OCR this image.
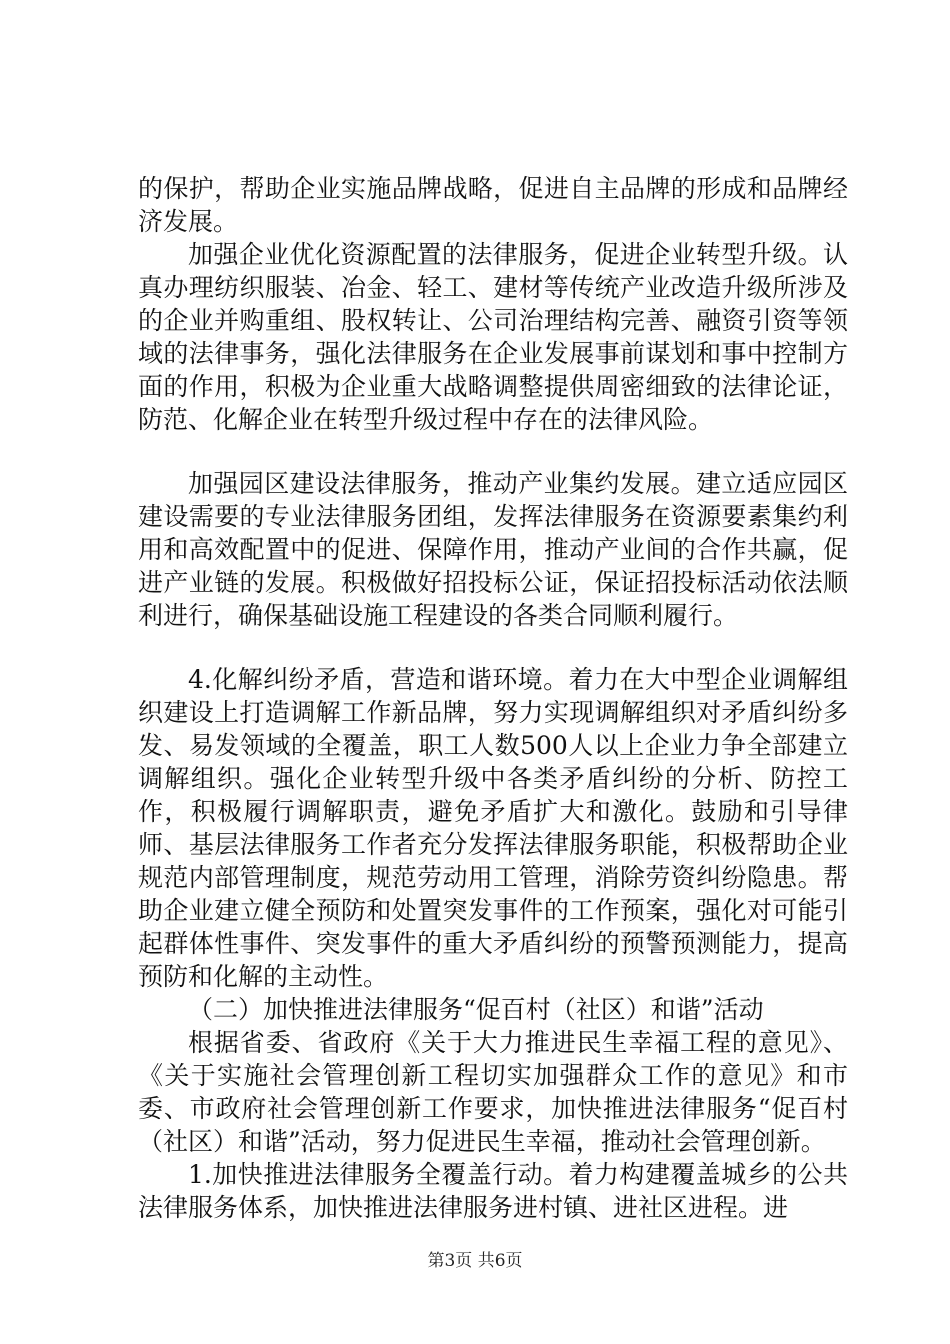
的保护，帮助企业实施品牌战略，促进自主品牌的形成和品牌经济发展。

加强企业优化资源配置的法律服务，促进企业转型升级。认真办理纺织服装、冶金、轻工、建材等传统产业改造升级所涉及的企业并购重组、股权转让、公司治理结构完善、融资引资等领域的法律事务，强化法律服务在企业发展事前谋划和事中控制方面的作用，积极为企业重大战略调整提供周密细致的法律论证，防范、化解企业在转型升级过程中存在的法律风险。

加强园区建设法律服务，推动产业集约发展。建立适应园区建设需要的专业法律服务团组，发挥法律服务在资源要素集约利用和高效配置中的促进、保障作用，推动产业间的合作共赢，促进产业链的发展。积极做好招投标公证，保证招投标活动依法顺利进行，确保基础设施工程建设的各类合同顺利履行。

4.化解纠纷矛盾，营造和谐环境。着力在大中型企业调解组织建设上打造调解工作新品牌，努力实现调解组织对矛盾纠纷多发、易发领域的全覆盖，职工人数500人以上企业力争全部建立调解组织。强化企业转型升级中各类矛盾纠纷的分析、防控工作，积极履行调解职责，避免矛盾扩大和激化。鼓励和引导律师、基层法律服务工作者充分发挥法律服务职能，积极帮助企业规范内部管理制度，规范劳动用工管理，消除劳资纠纷隐患。帮助企业建立健全预防和处置突发事件的工作预案，强化对可能引起群体性事件、突发事件的重大矛盾纠纷的预警预测能力，提高预防和化解的主动性。

（二）加快推进法律服务“促百村（社区）和谐”活动

根据省委、省政府《关于大力推进民生幸福工程的意见》、《关于实施社会管理创新工程切实加强群众工作的意见》和市委、市政府社会管理创新工作要求，加快推进法律服务“促百村（社区）和谐”活动，努力促进民生幸福，推动社会管理创新。

1.加快推进法律服务全覆盖行动。着力构建覆盖城乡的公共法律服务体系，加快推进法律服务进村镇、进社区进程。进

第3页 共6页
